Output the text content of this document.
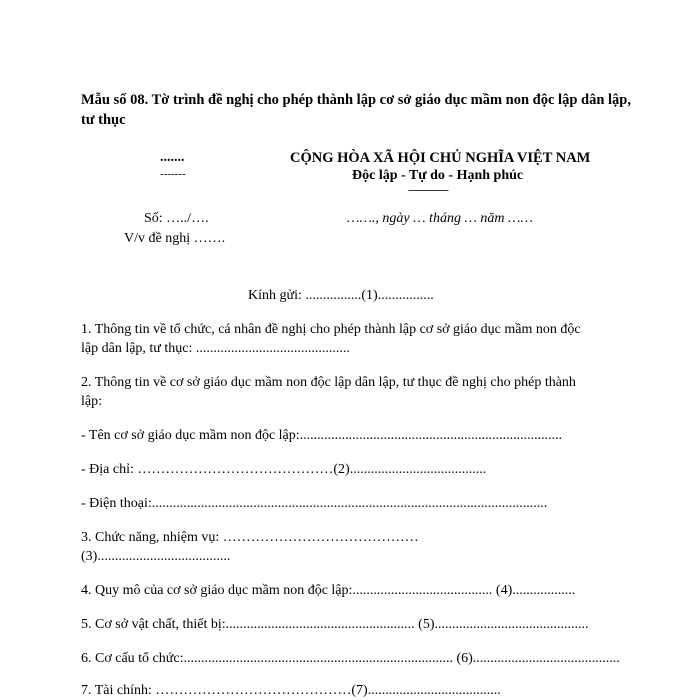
Mẫu số 08. Tờ trình đề nghị cho phép thành lập cơ sở giáo dục mầm non độc lập dân lập, tư thục
.......
-------
CỘNG HÒA XÃ HỘI CHỦ NGHĨA VIỆT NAM
Độc lập - Tự do - Hạnh phúc
---------------
Số: …../….
V/v đề nghị …….
……., ngày … tháng … năm ……
Kính gửi: ................(1)................
1. Thông tin về tổ chức, cá nhân đề nghị cho phép thành lập cơ sở giáo dục mầm non độc
lập dân lập, tư thục: ............................................
2. Thông tin về cơ sở giáo dục mầm non độc lập dân lập, tư thục đề nghị cho phép thành
lập:
- Tên cơ sở giáo dục mầm non độc lập:...........................................................................
- Địa chỉ: ……………………………………(2).......................................
- Điện thoại:.................................................................................................................
3. Chức năng, nhiệm vụ: ……………………………………
(3)......................................
4. Quy mô của cơ sở giáo dục mầm non độc lập:........................................ (4)..................
5. Cơ sở vật chất, thiết bị:...................................................... (5)............................................
6. Cơ cấu tổ chức:............................................................................. (6)..........................................
7. Tài chính: ……………………………………(7)......................................
